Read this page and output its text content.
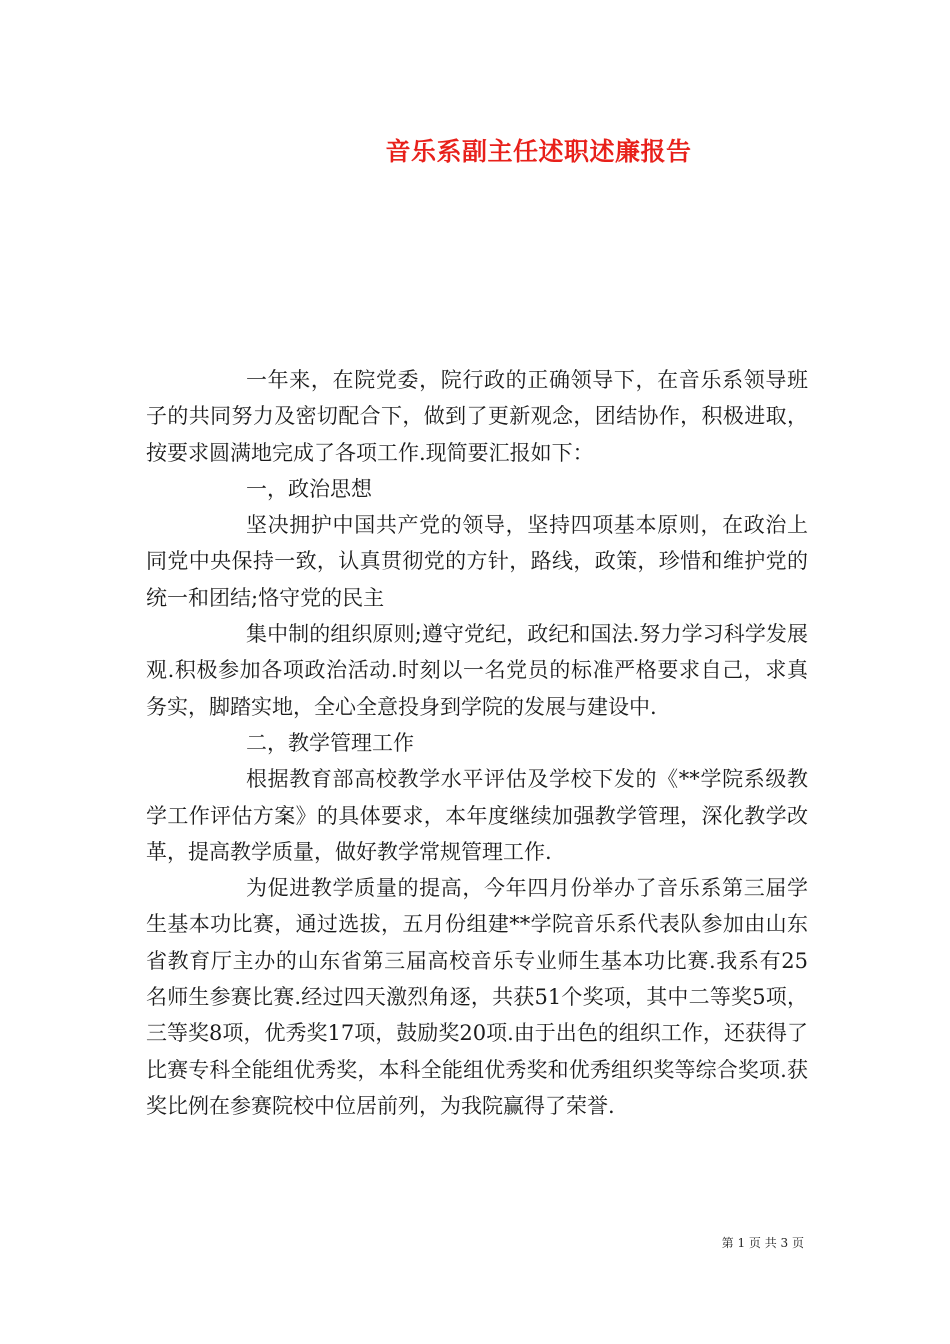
音乐系副主任述职述廉报告

一年来，在院党委，院行政的正确领导下，在音乐系领导班子的共同努力及密切配合下，做到了更新观念，团结协作，积极进取，按要求圆满地完成了各项工作.现简要汇报如下：

一，政治思想

坚决拥护中国共产党的领导，坚持四项基本原则，在政治上同党中央保持一致，认真贯彻党的方针，路线，政策，珍惜和维护党的统一和团结;恪守党的民主

集中制的组织原则;遵守党纪，政纪和国法.努力学习科学发展观.积极参加各项政治活动.时刻以一名党员的标准严格要求自己，求真务实，脚踏实地，全心全意投身到学院的发展与建设中.

二，教学管理工作

根据教育部高校教学水平评估及学校下发的《**学院系级教学工作评估方案》的具体要求，本年度继续加强教学管理，深化教学改革，提高教学质量，做好教学常规管理工作.

为促进教学质量的提高，今年四月份举办了音乐系第三届学生基本功比赛，通过选拔，五月份组建**学院音乐系代表队参加由山东省教育厅主办的山东省第三届高校音乐专业师生基本功比赛.我系有25名师生参赛比赛.经过四天激烈角逐，共获51个奖项，其中二等奖5项，三等奖8项，优秀奖17项，鼓励奖20项.由于出色的组织工作，还获得了比赛专科全能组优秀奖，本科全能组优秀奖和优秀组织奖等综合奖项.获奖比例在参赛院校中位居前列，为我院赢得了荣誉.

第 1 页 共 3 页
